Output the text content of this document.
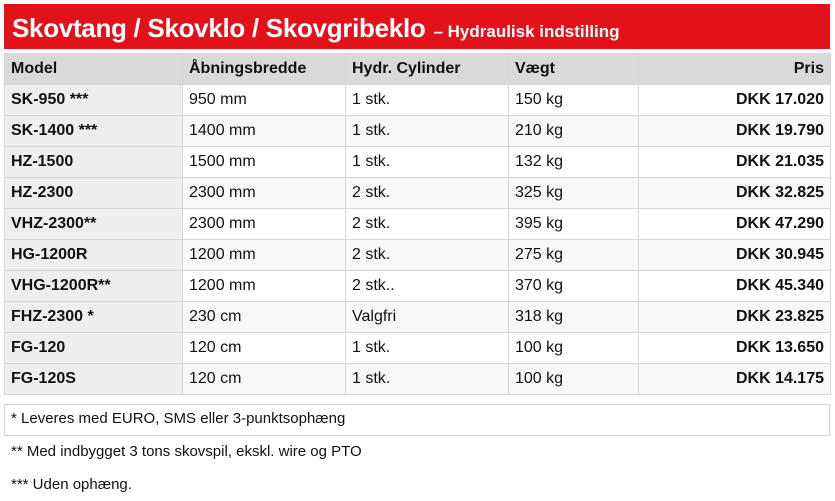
Skovtang / Skovklo / Skovgribeklo – Hydraulisk indstilling
Model	Åbningsbredde	Hydr. Cylinder	Vægt	Pris
SK-950 ***	950 mm	1 stk.	150 kg	DKK 17.020
SK-1400 ***	1400 mm	1 stk.	210 kg	DKK 19.790
HZ-1500	1500 mm	1 stk.	132 kg	DKK 21.035
HZ-2300	2300 mm	2 stk.	325 kg	DKK 32.825
VHZ-2300**	2300 mm	2 stk.	395 kg	DKK 47.290
HG-1200R	1200 mm	2 stk.	275 kg	DKK 30.945
VHG-1200R**	1200 mm	2 stk..	370 kg	DKK 45.340
FHZ-2300 *	230 cm	Valgfri	318 kg	DKK 23.825
FG-120	120 cm	1 stk.	100 kg	DKK 13.650
FG-120S	120 cm	1 stk.	100 kg	DKK 14.175
* Leveres med EURO, SMS eller 3-punktsophæng
** Med indbygget 3 tons skovspil, ekskl. wire og PTO
*** Uden ophæng.
